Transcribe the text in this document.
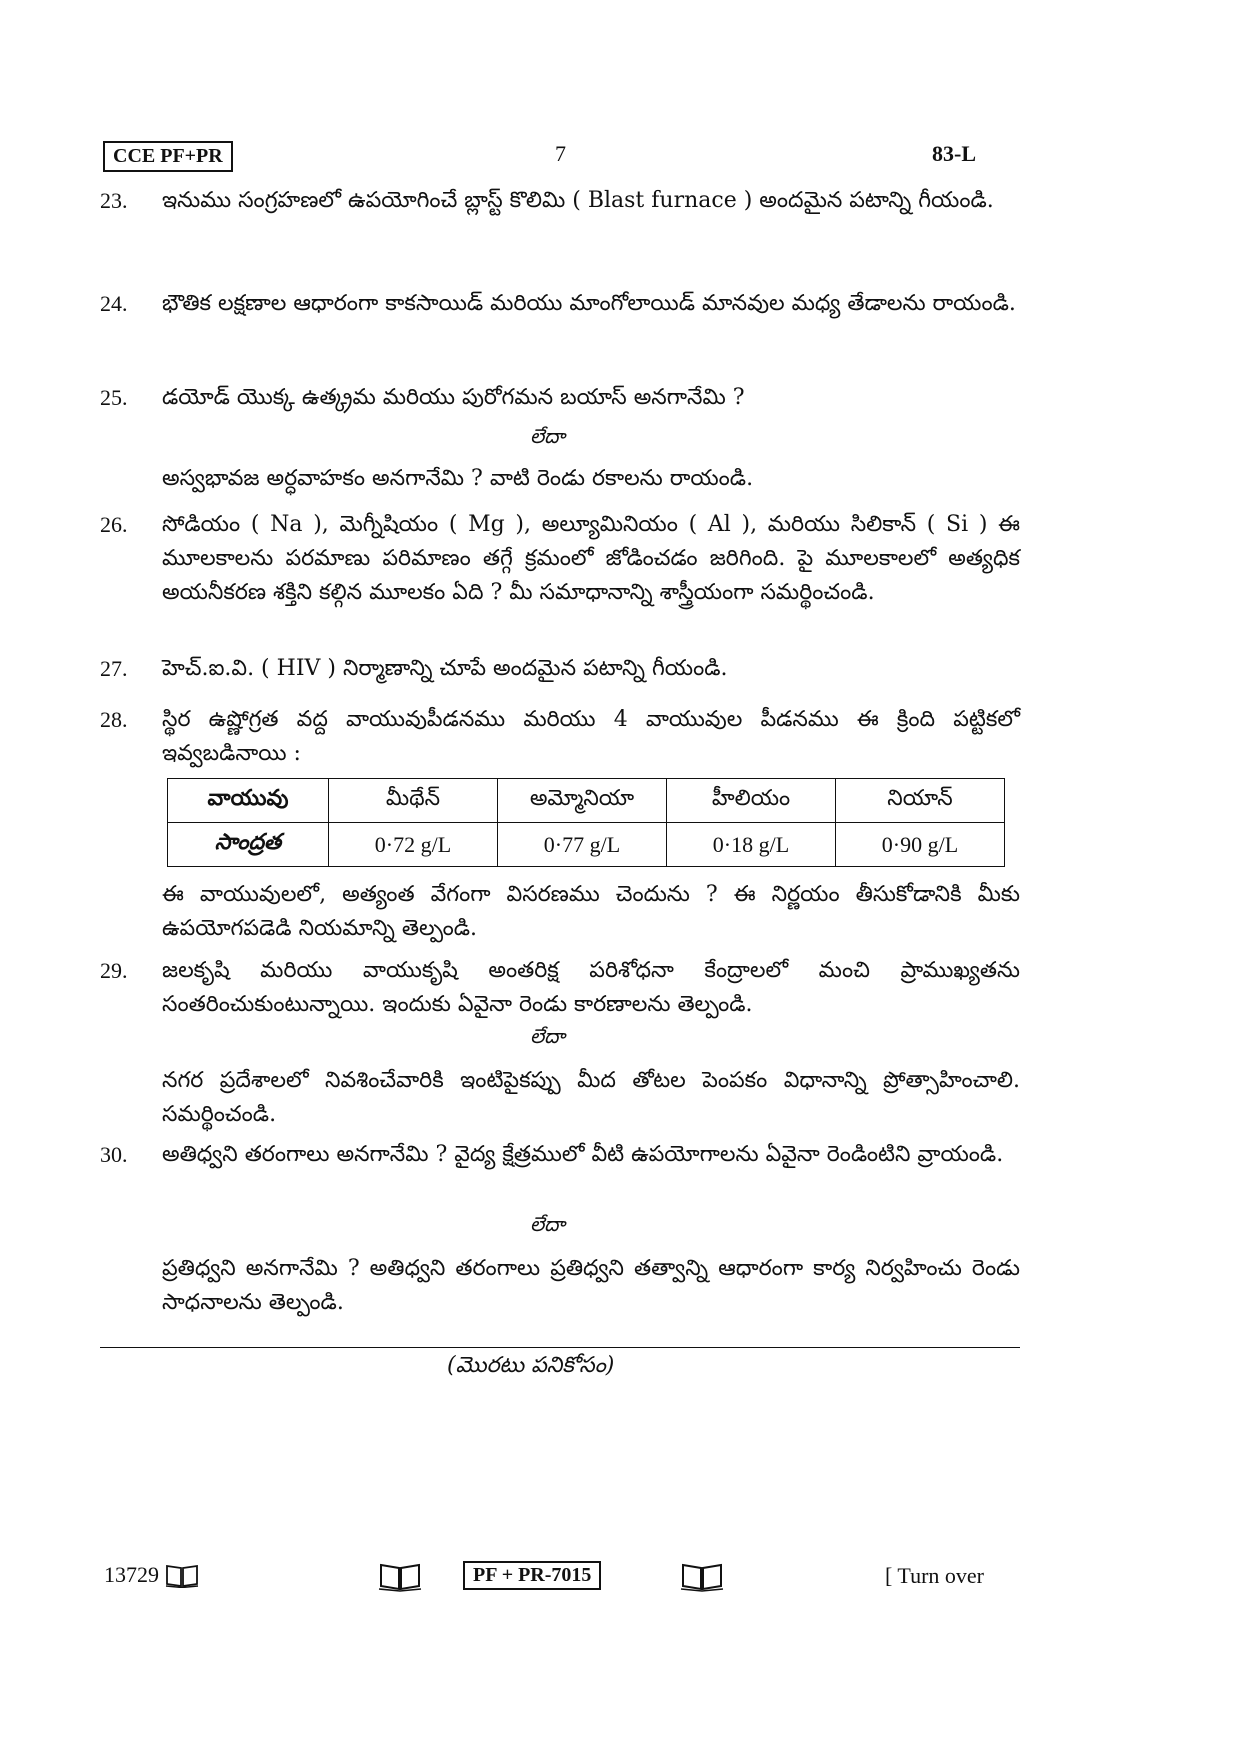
CCE PF+PR	7	83-L
23. ఇనుము సంగ్రహణలో ఉపయోగించే బ్లాస్ట్ కొలిమి ( Blast furnace ) అందమైన పటాన్ని గీయండి.
24. భౌతిక లక్షణాల ఆధారంగా కాకసాయిడ్ మరియు మాంగోలాయిడ్ మానవుల మధ్య తేడాలను రాయండి.
25. డయోడ్ యొక్క ఉత్క్రమ మరియు పురోగమన బయాస్ అనగానేమి ?
లేదా
అస్వభావజ అర్ధవాహకం అనగానేమి ? వాటి రెండు రకాలను రాయండి.
26. సోడియం ( Na ), మెగ్నీషియం ( Mg ), అల్యూమినియం ( Al ), మరియు సిలికాన్ ( Si ) ఈ మూలకాలను పరమాణు పరిమాణం తగ్గే క్రమంలో జోడించడం జరిగింది. పై మూలకాలలో అత్యధిక అయనీకరణ శక్తిని కల్గిన మూలకం ఏది ? మీ సమాధానాన్ని శాస్త్రీయంగా సమర్థించండి.
27. హెచ్.ఐ.వి. ( HIV ) నిర్మాణాన్ని చూపే అందమైన పటాన్ని గీయండి.
28. స్థిర ఉష్ణోగ్రత వద్ద వాయువుపీడనము మరియు 4 వాయువుల పీడనము ఈ క్రింది పట్టికలో ఇవ్వబడినాయి :
వాయువు	మీథేన్	అమ్మోనియా	హీలియం	నియాన్
సాంద్రత	0·72 g/L	0·77 g/L	0·18 g/L	0·90 g/L
ఈ వాయువులలో, అత్యంత వేగంగా విసరణము చెందును ? ఈ నిర్ణయం తీసుకోడానికి మీకు ఉపయోగపడెడి నియమాన్ని తెల్పండి.
29. జలకృషి మరియు వాయుకృషి అంతరిక్ష పరిశోధనా కేంద్రాలలో మంచి ప్రాముఖ్యతను సంతరించుకుంటున్నాయి. ఇందుకు ఏవైనా రెండు కారణాలను తెల్పండి.
లేదా
నగర ప్రదేశాలలో నివశించేవారికి ఇంటిపైకప్పు మీద తోటల పెంపకం విధానాన్ని ప్రోత్సాహించాలి. సమర్థించండి.
30. అతిధ్వని తరంగాలు అనగానేమి ? వైద్య క్షేత్రములో వీటి ఉపయోగాలను ఏవైనా రెండింటిని వ్రాయండి.
లేదా
ప్రతిధ్వని అనగానేమి ? అతిధ్వని తరంగాలు ప్రతిధ్వని తత్వాన్ని ఆధారంగా కార్య నిర్వహించు రెండు సాధనాలను తెల్పండి.
(మొరటు పనికోసం)
13729	PF + PR-7015	[ Turn over
